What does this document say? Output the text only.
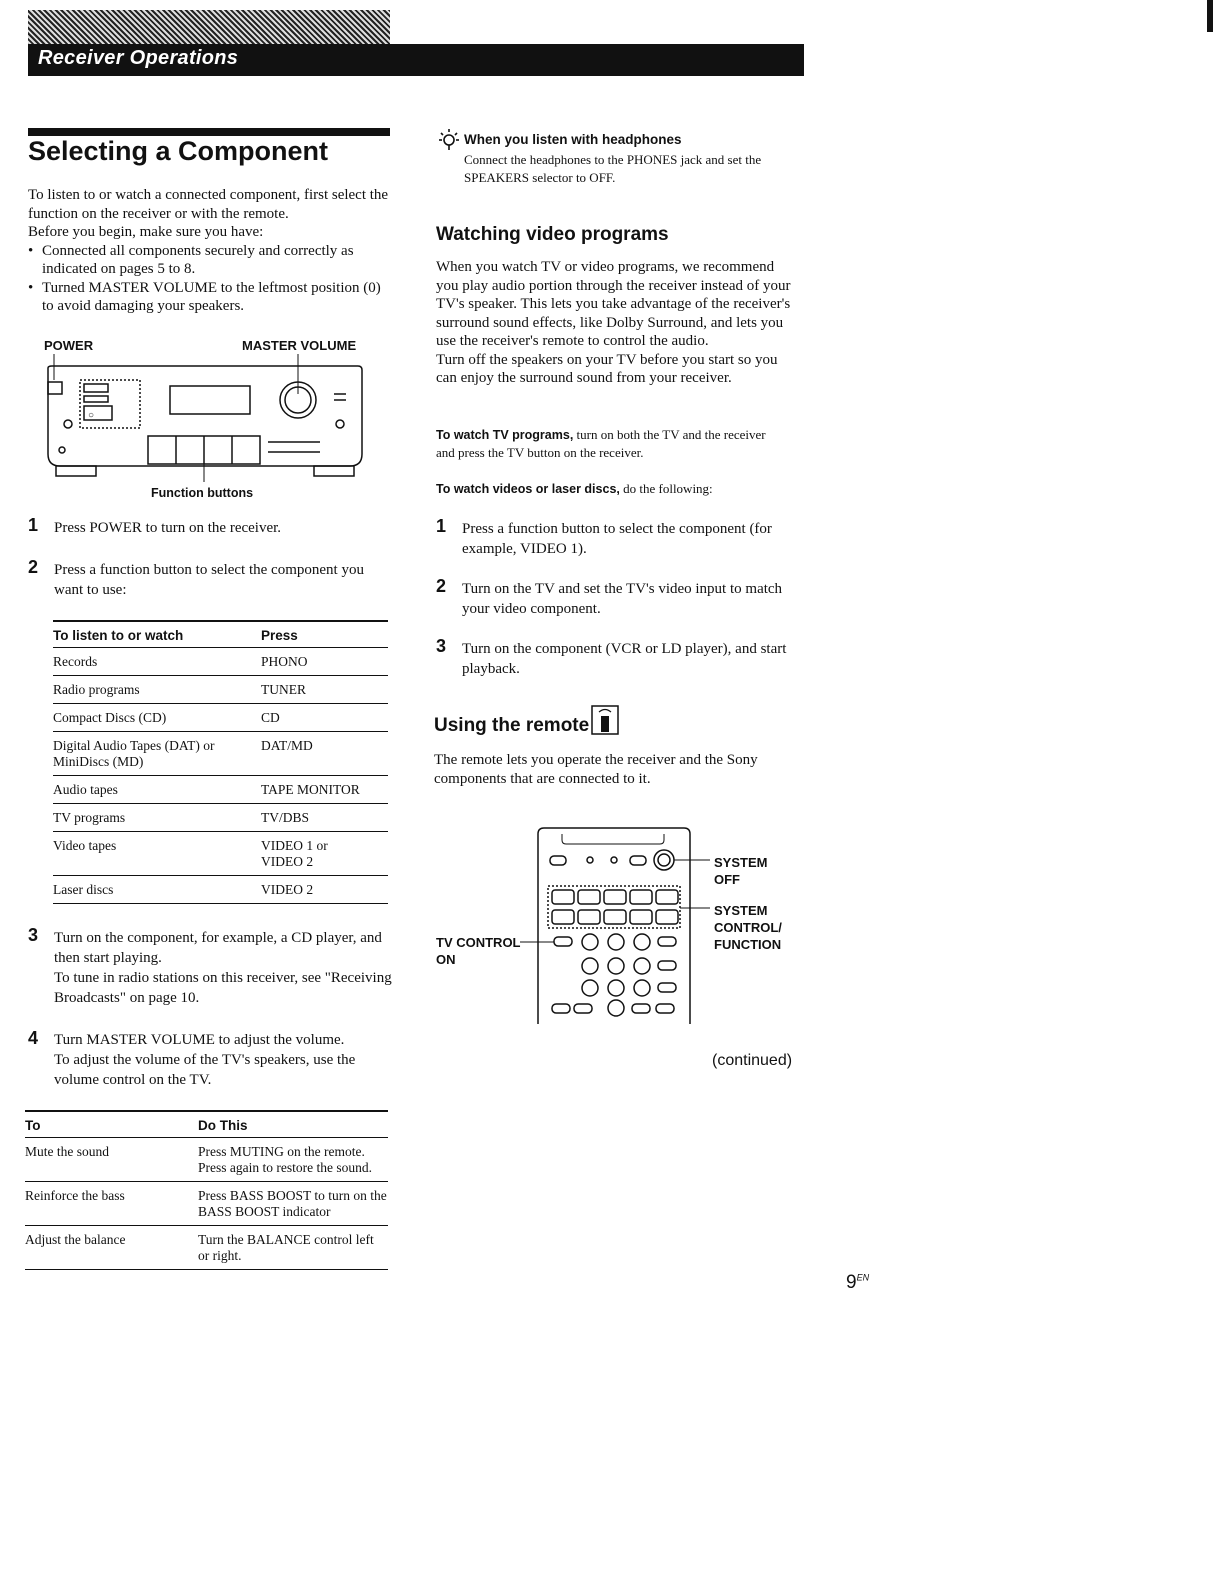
Receiver Operations
Selecting a Component
To listen to or watch a connected component, first select the function on the receiver or with the remote.
Before you begin, make sure you have:
• Connected all components securely and correctly as indicated on pages 5 to 8.
• Turned MASTER VOLUME to the leftmost position (0) to avoid damaging your speakers.
POWER	MASTER VOLUME
○
Function buttons
1 Press POWER to turn on the receiver.
2 Press a function button to select the component you want to use:
To listen to or watch	Press
Records	PHONO
Radio programs	TUNER
Compact Discs (CD)	CD
Digital Audio Tapes (DAT) or MiniDiscs (MD)	DAT/MD
Audio tapes	TAPE MONITOR
TV programs	TV/DBS
Video tapes	VIDEO 1 or VIDEO 2
Laser discs	VIDEO 2
3 Turn on the component, for example, a CD player, and then start playing.
To tune in radio stations on this receiver, see "Receiving Broadcasts" on page 10.
4 Turn MASTER VOLUME to adjust the volume.
To adjust the volume of the TV's speakers, use the volume control on the TV.
To	Do This
Mute the sound	Press MUTING on the remote. Press again to restore the sound.
Reinforce the bass	Press BASS BOOST to turn on the BASS BOOST indicator
Adjust the balance	Turn the BALANCE control left or right.
When you listen with headphones
Connect the headphones to the PHONES jack and set the SPEAKERS selector to OFF.
Watching video programs
When you watch TV or video programs, we recommend you play audio portion through the receiver instead of your TV's speaker. This lets you take advantage of the receiver's surround sound effects, like Dolby Surround, and lets you use the receiver's remote to control the audio.
Turn off the speakers on your TV before you start so you can enjoy the surround sound from your receiver.
To watch TV programs, turn on both the TV and the receiver and press the TV button on the receiver.
To watch videos or laser discs, do the following:
1 Press a function button to select the component (for example, VIDEO 1).
2 Turn on the TV and set the TV's video input to match your video component.
3 Turn on the component (VCR or LD player), and start playback.
Using the remote
The remote lets you operate the receiver and the Sony components that are connected to it.
SYSTEM
OFF
SYSTEM
CONTROL/
FUNCTION
TV CONTROL
ON
(continued)
$9^{EN}$
